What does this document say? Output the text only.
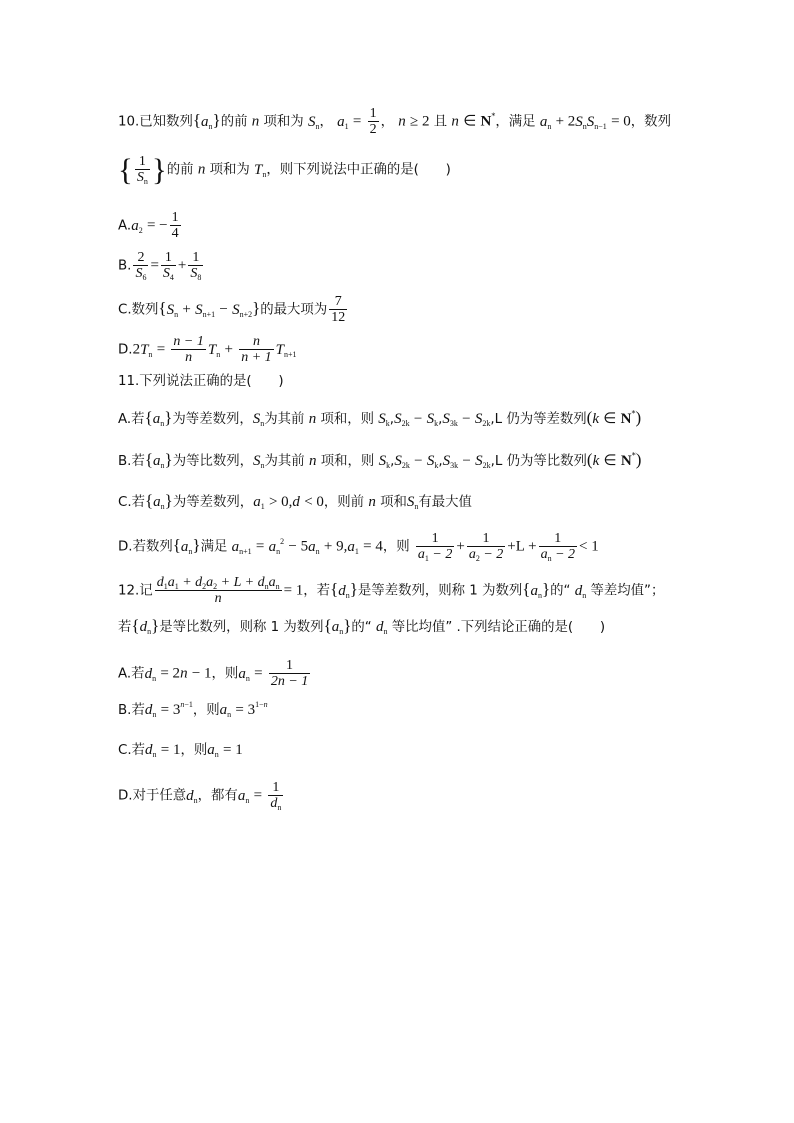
10.已知数列$\{a_n\}$的前 n 项和为 $S_n$， $a_1 = \frac{1}{2}$ ， n ≥ 2 且 n ∈ N*，满足 $a_n + 2S_nS_{n-1} = 0$，数列
{ $\frac{1}{S_n}$ }的前 n 项和为 $T_n$，则下列说法中正确的是(　　)
$A.a_2$ = − $\frac{1}{4}$
B. $\frac{2}{S_6} = \frac{1}{S_4} + \frac{1}{S_8}$
C.数列$\{S_n + S_{n+1} - S_{n+2}\}$的最大项为 $\frac{7}{12}$
$D.2T_n = \frac{n - 1}{n} T_n + \frac{n}{n + 1} T_{n+1}$
11.下列说法正确的是(　　)
A.若$\{a_n\}$为等差数列，$S_n$为其前 n 项和，则 $S_k,S_{2k} - S_k,S_{3k} - S_{2k},L$ 仍为等差数列(k ∈ N*)
B.若$\{a_n\}$为等比数列，$S_n$为其前 n 项和，则 $S_k,S_{2k} - S_k,S_{3k} - S_{2k},L$ 仍为等比数列(k ∈ N*)
C.若$\{a_n\}$为等差数列，$a_1 > 0,d < 0$，则前 n 项和$S_n$有最大值
D.若数列$\{a_n\}$满足 $a_{n+1} = a_n^2 - 5a_n + 9,a_1 = 4$，则 $\frac{1}{a_1 - 2} + \frac{1}{a_2 - 2} +L + \frac{1}{a_n - 2} < 1$
12.记 $\frac{d_1a_1 + d_2a_2 + L + d_na_n}{n} = 1$，若$\{d_n\}$是等差数列，则称 1 为数列$\{a_n\}$的“ $d_n$ 等差均值”；
若$\{d_n\}$是等比数列，则称 1 为数列$\{a_n\}$的“ $d_n$ 等比均值” .下列结论正确的是(　　)
A.若$d_n = 2n - 1$，则$a_n = \frac{1}{2n - 1}$
B.若$d_n = 3^{n-1}$，则$a_n = 3^{1-n}$
C.若$d_n = 1$，则$a_n = 1$
D.对于任意$d_n$，都有$a_n = \frac{1}{d_n}$
